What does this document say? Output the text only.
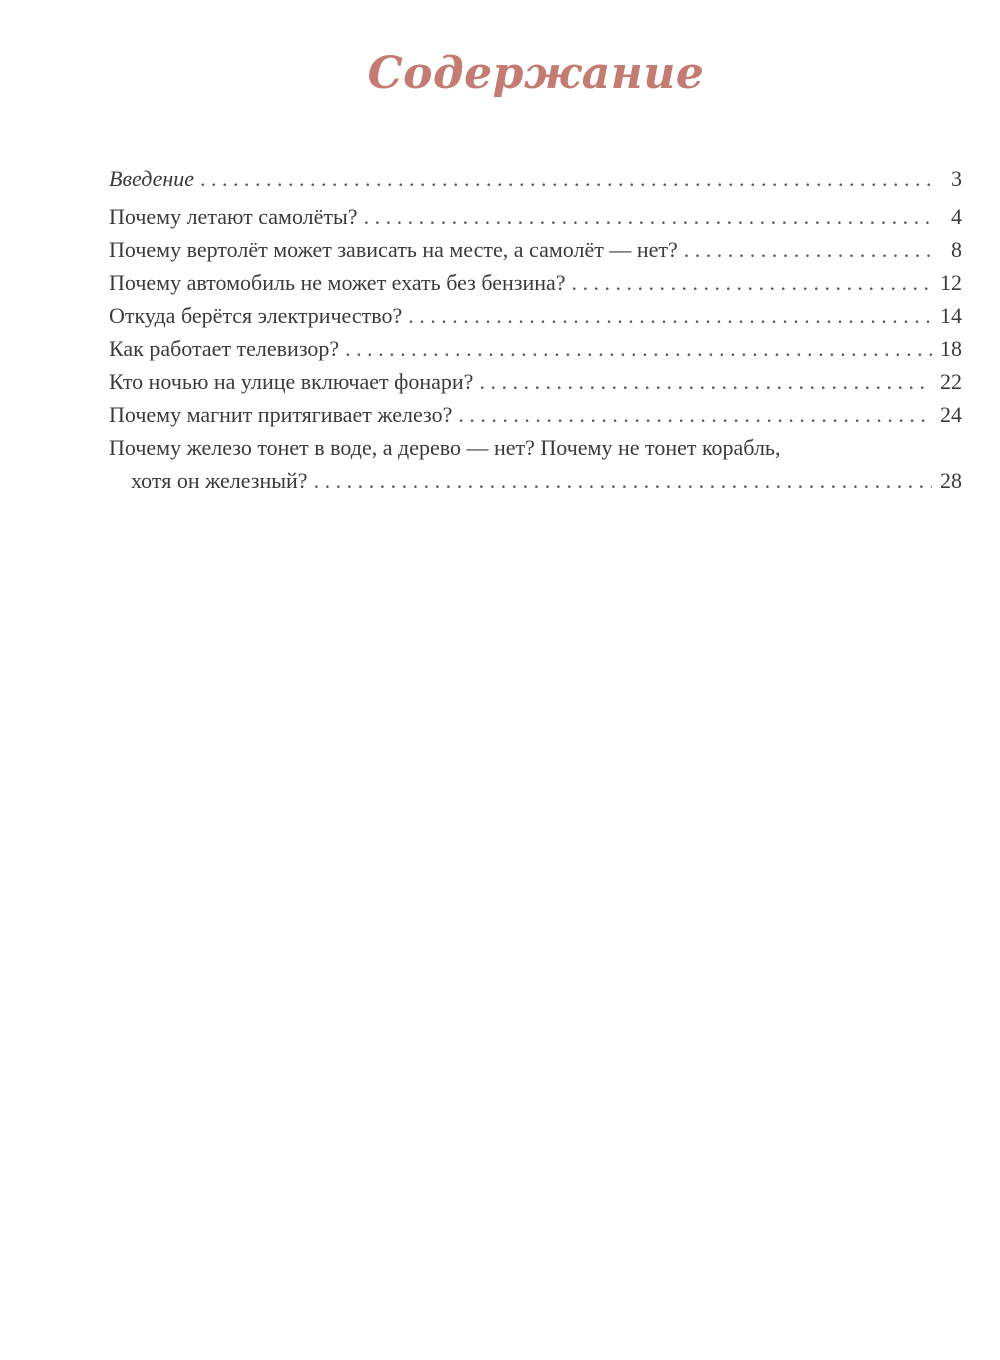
Содержание
Введение . . .	3
Почему летают самолёты? . . .	4
Почему вертолёт может зависать на месте, а самолёт — нет? . . .	8
Почему автомобиль не может ехать без бензина? . . .	12
Откуда берётся электричество? . . .	14
Как работает телевизор? . . .	18
Кто ночью на улице включает фонари? . . .	22
Почему магнит притягивает железо? . . .	24
Почему железо тонет в воде, а дерево — нет? Почему не тонет корабль,
хотя он железный? . . .	28
